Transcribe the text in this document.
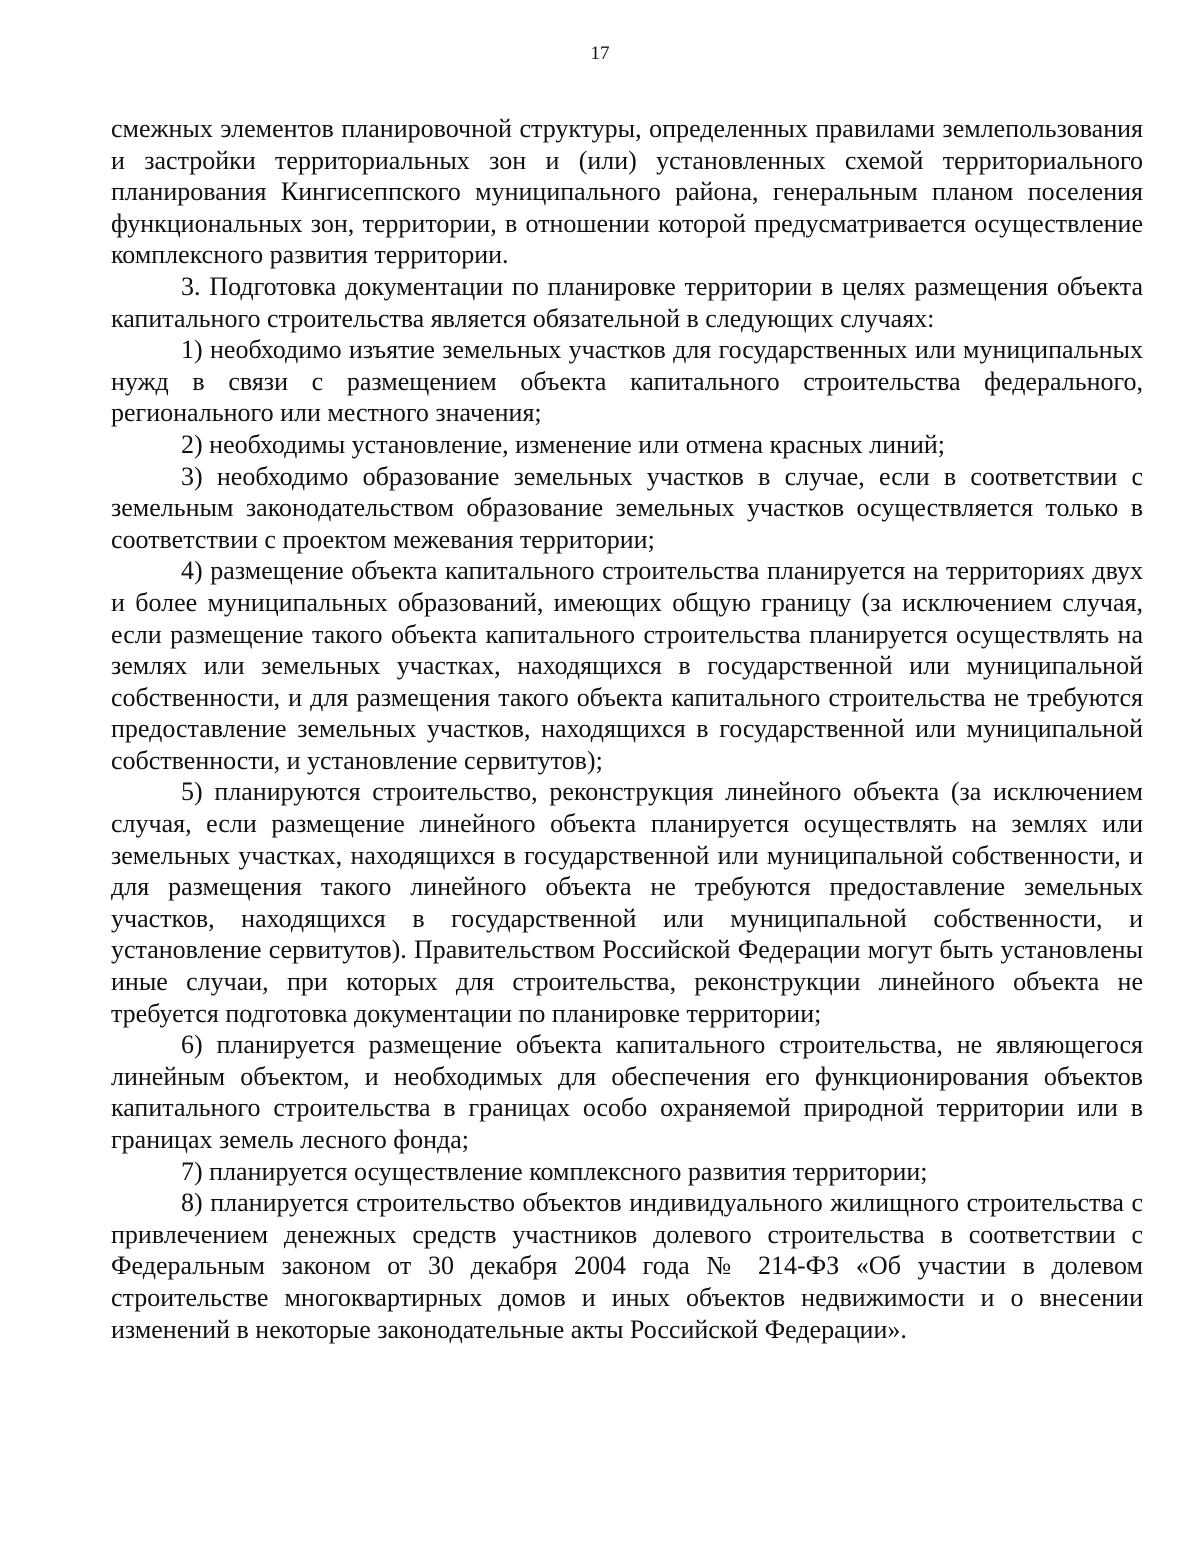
17

смежных элементов планировочной структуры, определенных правилами землепользования и застройки территориальных зон и (или) установленных схемой территориального планирования Кингисеппского муниципального района, генеральным планом поселения функциональных зон, территории, в отношении которой предусматривается осуществление комплексного развития территории.

3. Подготовка документации по планировке территории в целях размещения объекта капитального строительства является обязательной в следующих случаях:

1) необходимо изъятие земельных участков для государственных или муниципальных нужд в связи с размещением объекта капитального строительства федерального, регионального или местного значения;

2) необходимы установление, изменение или отмена красных линий;

3) необходимо образование земельных участков в случае, если в соответствии с земельным законодательством образование земельных участков осуществляется только в соответствии с проектом межевания территории;

4) размещение объекта капитального строительства планируется на территориях двух и более муниципальных образований, имеющих общую границу (за исключением случая, если размещение такого объекта капитального строительства планируется осуществлять на землях или земельных участках, находящихся в государственной или муниципальной собственности, и для размещения такого объекта капитального строительства не требуются предоставление земельных участков, находящихся в государственной или муниципальной собственности, и установление сервитутов);

5) планируются строительство, реконструкция линейного объекта (за исключением случая, если размещение линейного объекта планируется осуществлять на землях или земельных участках, находящихся в государственной или муниципальной собственности, и для размещения такого линейного объекта не требуются предоставление земельных участков, находящихся в государственной или муниципальной собственности, и установление сервитутов). Правительством Российской Федерации могут быть установлены иные случаи, при которых для строительства, реконструкции линейного объекта не требуется подготовка документации по планировке территории;

6) планируется размещение объекта капитального строительства, не являющегося линейным объектом, и необходимых для обеспечения его функционирования объектов капитального строительства в границах особо охраняемой природной территории или в границах земель лесного фонда;

7) планируется осуществление комплексного развития территории;

8) планируется строительство объектов индивидуального жилищного строительства с привлечением денежных средств участников долевого строительства в соответствии с Федеральным законом от 30 декабря 2004 года № 214-ФЗ «Об участии в долевом строительстве многоквартирных домов и иных объектов недвижимости и о внесении изменений в некоторые законодательные акты Российской Федерации».
